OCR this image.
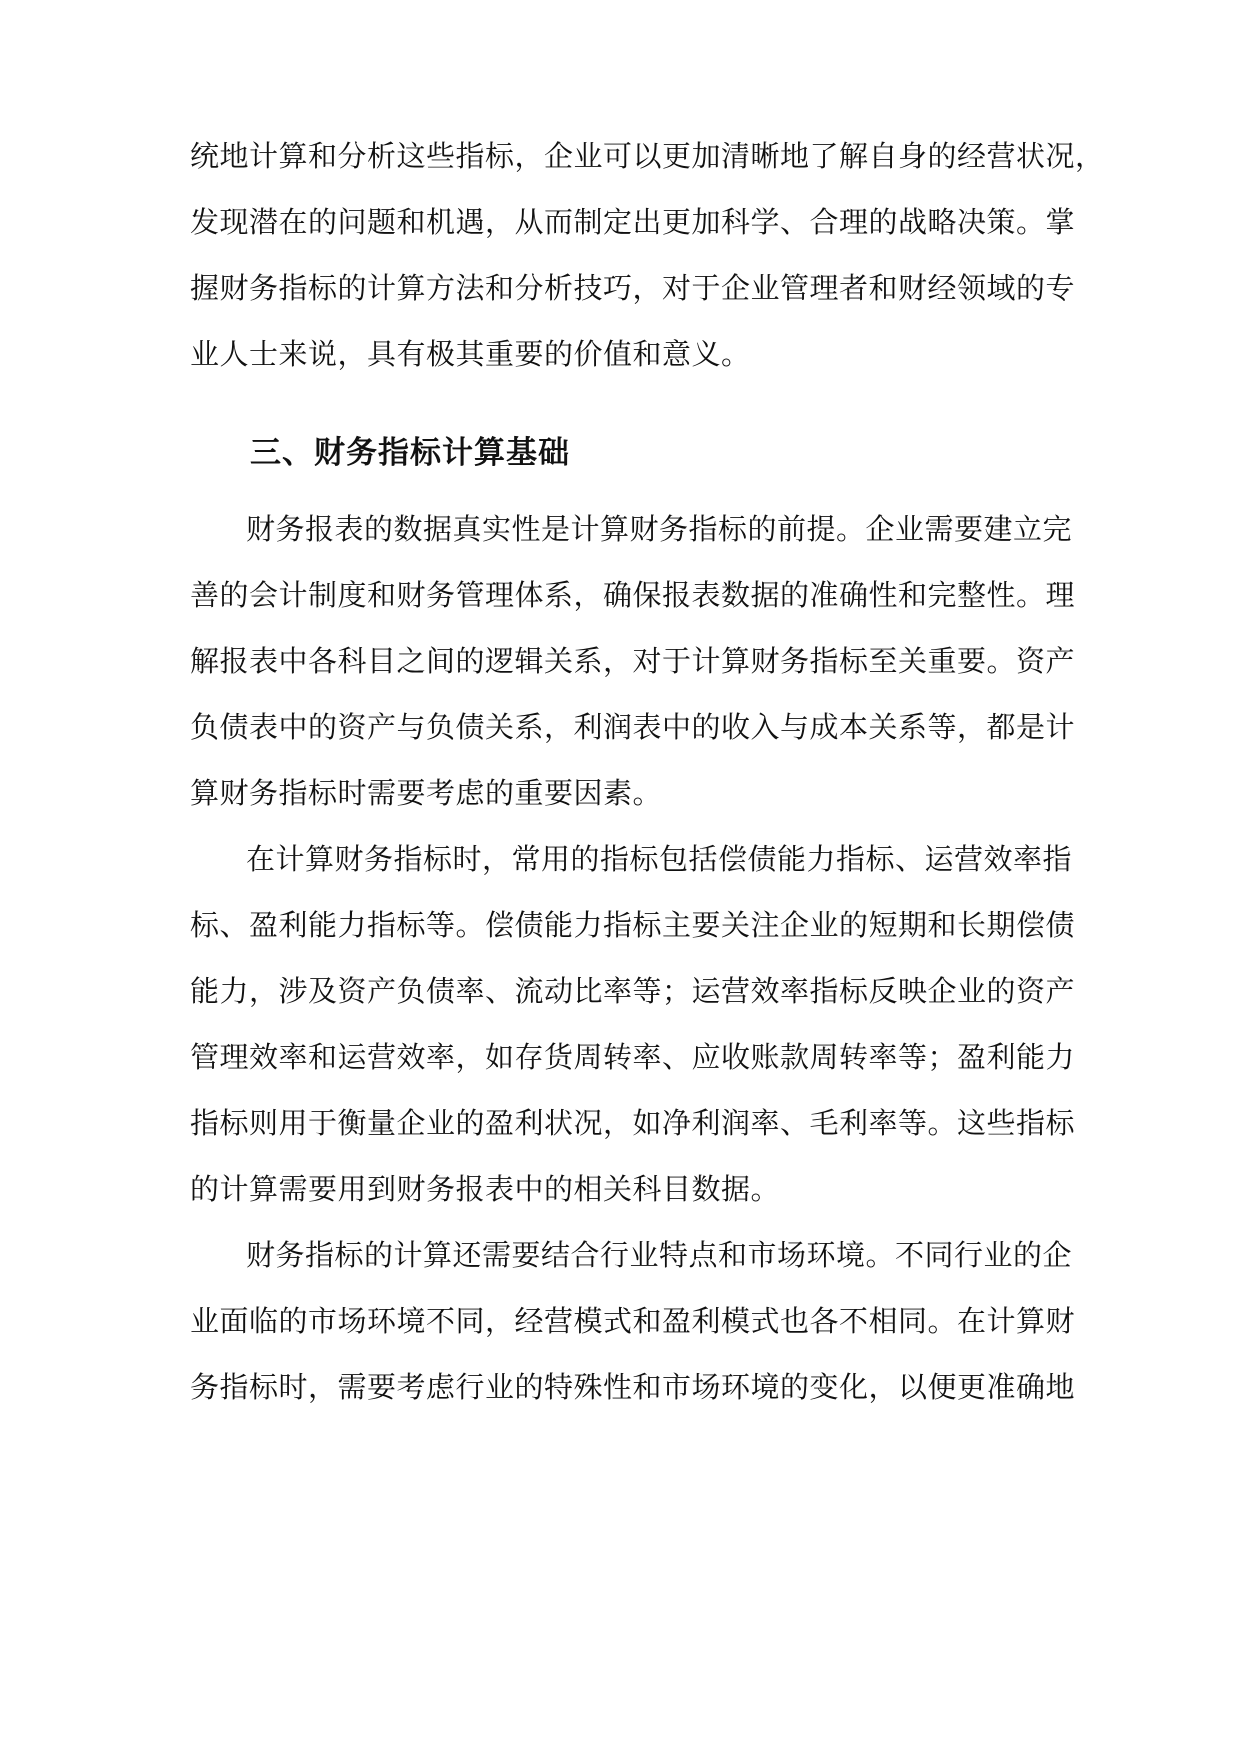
统地计算和分析这些指标，企业可以更加清晰地了解自身的经营状况，
发现潜在的问题和机遇，从而制定出更加科学、合理的战略决策。掌
握财务指标的计算方法和分析技巧，对于企业管理者和财经领域的专
业人士来说，具有极其重要的价值和意义。
三、财务指标计算基础
财务报表的数据真实性是计算财务指标的前提。企业需要建立完
善的会计制度和财务管理体系，确保报表数据的准确性和完整性。理
解报表中各科目之间的逻辑关系，对于计算财务指标至关重要。资产
负债表中的资产与负债关系，利润表中的收入与成本关系等，都是计
算财务指标时需要考虑的重要因素。
在计算财务指标时，常用的指标包括偿债能力指标、运营效率指
标、盈利能力指标等。偿债能力指标主要关注企业的短期和长期偿债
能力，涉及资产负债率、流动比率等；运营效率指标反映企业的资产
管理效率和运营效率，如存货周转率、应收账款周转率等；盈利能力
指标则用于衡量企业的盈利状况，如净利润率、毛利率等。这些指标
的计算需要用到财务报表中的相关科目数据。
财务指标的计算还需要结合行业特点和市场环境。不同行业的企
业面临的市场环境不同，经营模式和盈利模式也各不相同。在计算财
务指标时，需要考虑行业的特殊性和市场环境的变化，以便更准确地
